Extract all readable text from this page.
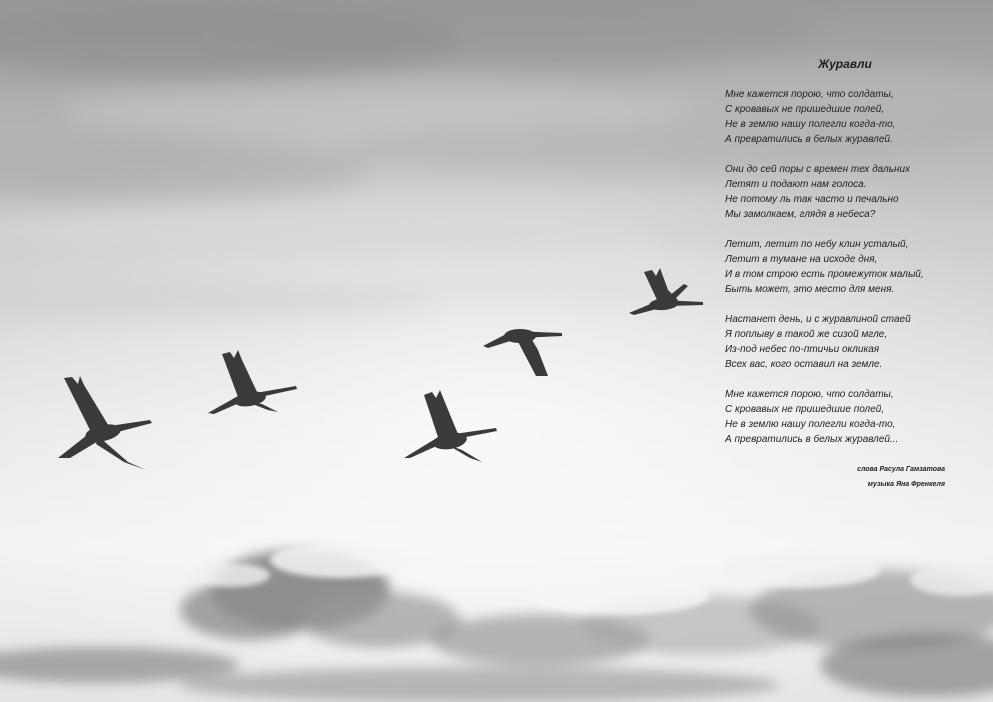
Журавли
Мне кажется порою, что солдаты,
С кровавых не пришедшие полей,
Не в землю нашу полегли когда-то,
А превратились в белых журавлей.
Они до сей поры с времен тех дальних
Летят и подают нам голоса.
Не потому ль так часто и печально
Мы замолкаем, глядя в небеса?
Летит, летит по небу клин усталый,
Летит в тумане на исходе дня,
И в том строю есть промежуток малый,
Быть может, это место для меня.
Настанет день, и с журавлиной стаей
Я поплыву в такой же сизой мгле,
Из-под небес по-птичьи окликая
Всех вас, кого оставил на земле.
Мне кажется порою, что солдаты,
С кровавых не пришедшие полей,
Не в землю нашу полегли когда-то,
А превратились в белых журавлей...
слова Расула Гамзатова
музыка Яна Френкеля
